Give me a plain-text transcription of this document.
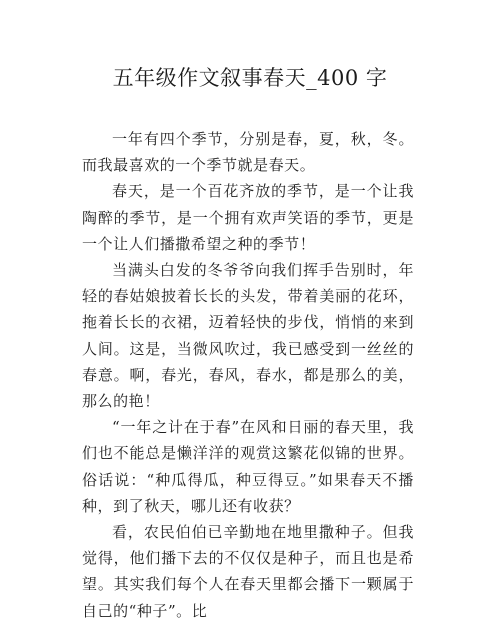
五年级作文叙事春天_400 字

一年有四个季节，分别是春，夏，秋，冬。而我最喜欢的一个季节就是春天。

春天，是一个百花齐放的季节，是一个让我陶醉的季节，是一个拥有欢声笑语的季节，更是一个让人们播撒希望之种的季节！

当满头白发的冬爷爷向我们挥手告别时，年轻的春姑娘披着长长的头发，带着美丽的花环，拖着长长的衣裙，迈着轻快的步伐，悄悄的来到人间。这是，当微风吹过，我已感受到一丝丝的春意。啊，春光，春风，春水，都是那么的美，那么的艳！

“一年之计在于春”在风和日丽的春天里，我们也不能总是懒洋洋的观赏这繁花似锦的世界。俗话说：“种瓜得瓜，种豆得豆。”如果春天不播种，到了秋天，哪儿还有收获？

看，农民伯伯已辛勤地在地里撒种子。但我觉得，他们播下去的不仅仅是种子，而且也是希望。其实我们每个人在春天里都会播下一颗属于自己的“种子”。比
